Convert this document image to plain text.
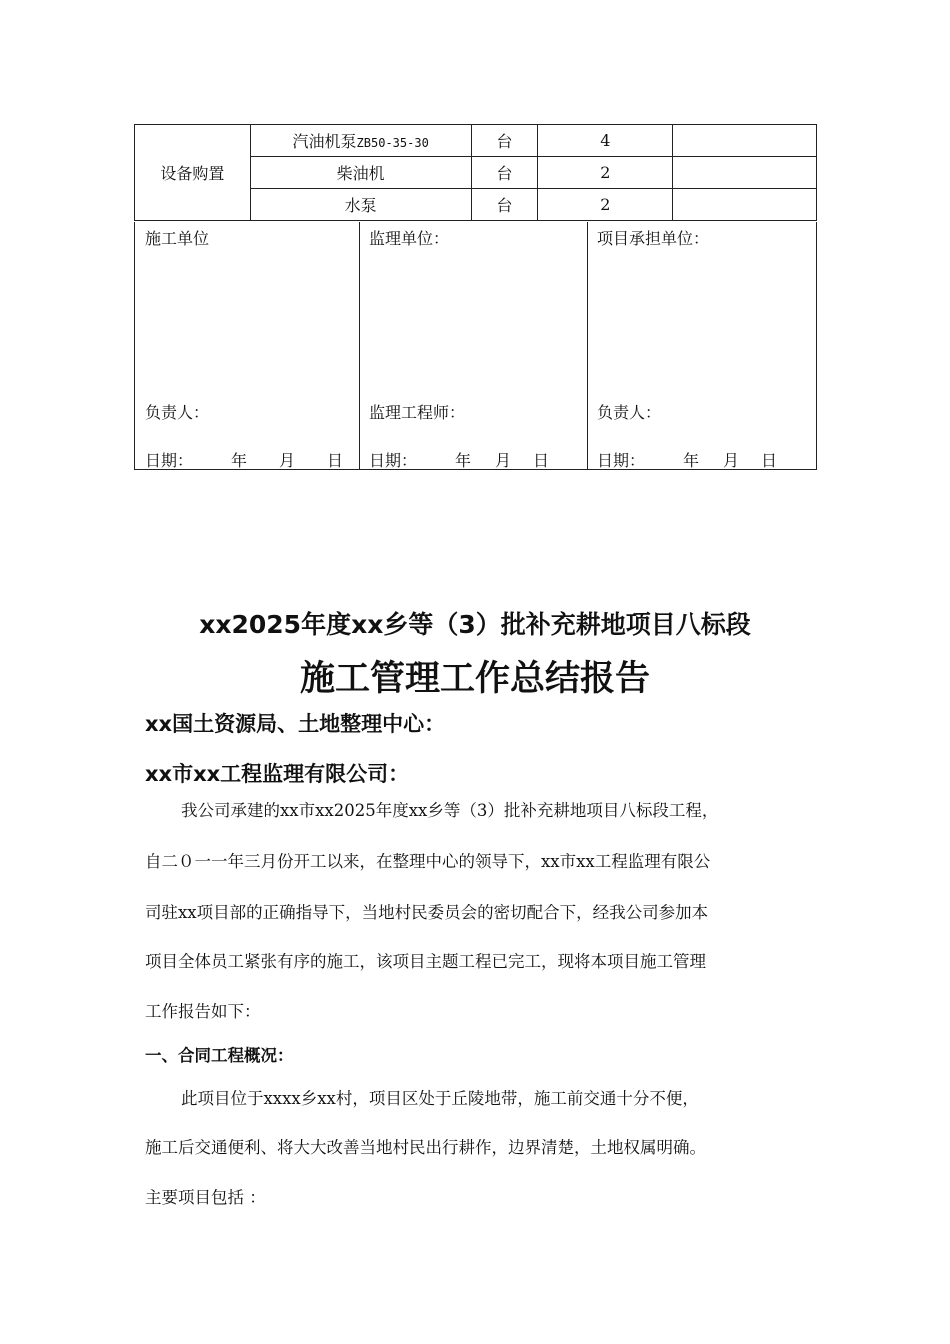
设备购置	汽油机泵ZB50-35-30	台	4	
	柴油机	台	2	
	水泵	台	2	
施工单位
负责人：
日期： 年 月 日
监理单位：
监理工程师：
日期： 年 月 日
项目承担单位：
负责人：
日期： 年 月 日
xx2025年度xx乡等（3）批补充耕地项目八标段
施工管理工作总结报告
xx国土资源局、土地整理中心：
xx市xx工程监理有限公司：
我公司承建的xx市xx2025年度xx乡等（3）批补充耕地项目八标段工程，
自二０一一年三月份开工以来，在整理中心的领导下，xx市xx工程监理有限公
司驻xx项目部的正确指导下，当地村民委员会的密切配合下，经我公司参加本
项目全体员工紧张有序的施工，该项目主题工程已完工，现将本项目施工管理
工作报告如下：
一、合同工程概况：
此项目位于xxxx乡xx村，项目区处于丘陵地带，施工前交通十分不便，
施工后交通便利、将大大改善当地村民出行耕作，边界清楚，土地权属明确。
主要项目包括 ：
